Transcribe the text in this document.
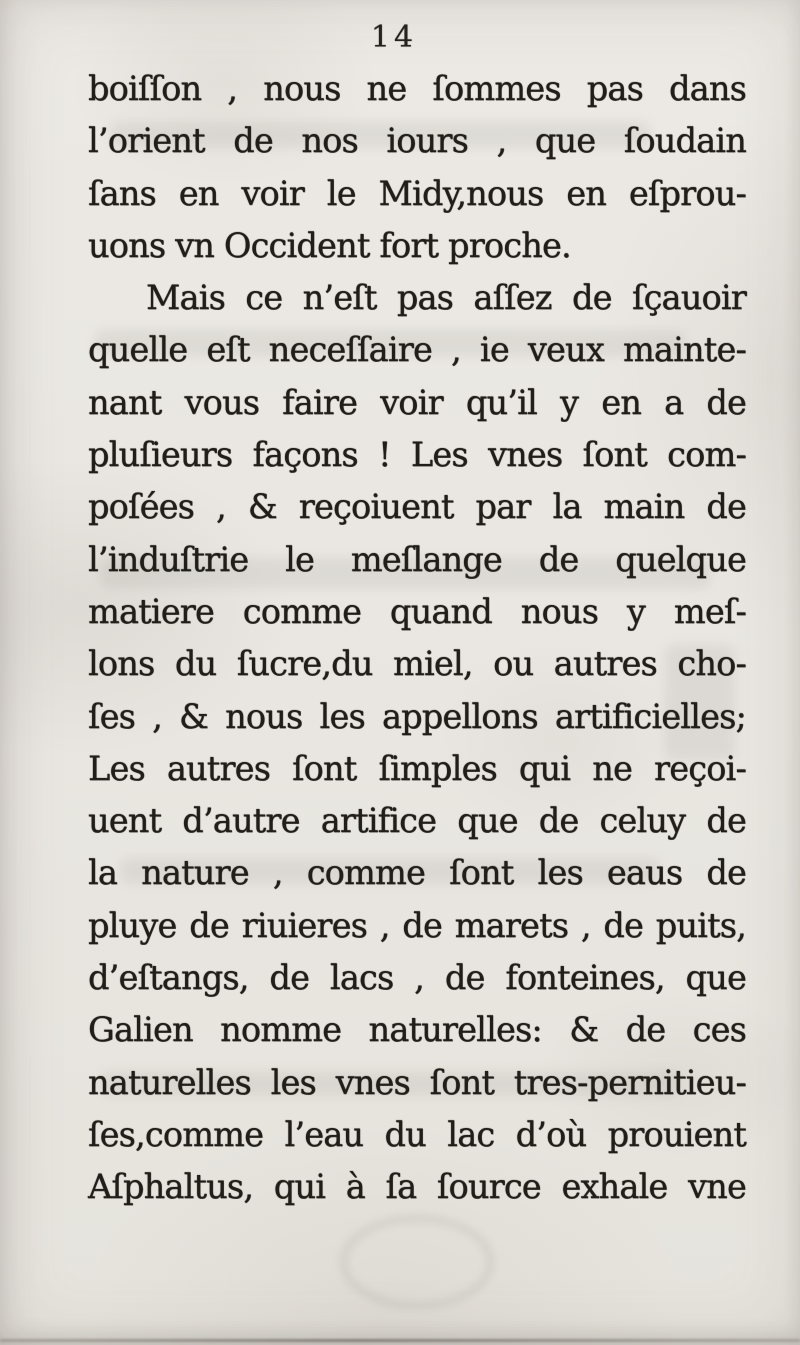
14
boiſſon , nous ne ſommes pas dans
l’orient de nos iours , que ſoudain
ſans en voir le Midy,nous en eſprou-
uons vn Occident fort proche.
Mais ce n’eſt pas aſſez de ſçauoir
quelle eſt neceſſaire , ie veux mainte-
nant vous faire voir qu’il y en a de
pluſieurs façons ! Les vnes ſont com-
poſées , & reçoiuent par la main de
l’induſtrie le meſlange de quelque
matiere comme quand nous y meſ-
lons du ſucre,du miel, ou autres cho-
ſes , & nous les appellons artificielles;
Les autres ſont ſimples qui ne reçoi-
uent d’autre artifice que de celuy de
la nature , comme ſont les eaus de
pluye de riuieres , de marets , de puits,
d’eſtangs, de lacs , de fonteines, que
Galien nomme naturelles: & de ces
naturelles les vnes ſont tres-pernitieu-
ſes,comme l’eau du lac d’où prouient
Aſphaltus, qui à ſa ſource exhale vne
